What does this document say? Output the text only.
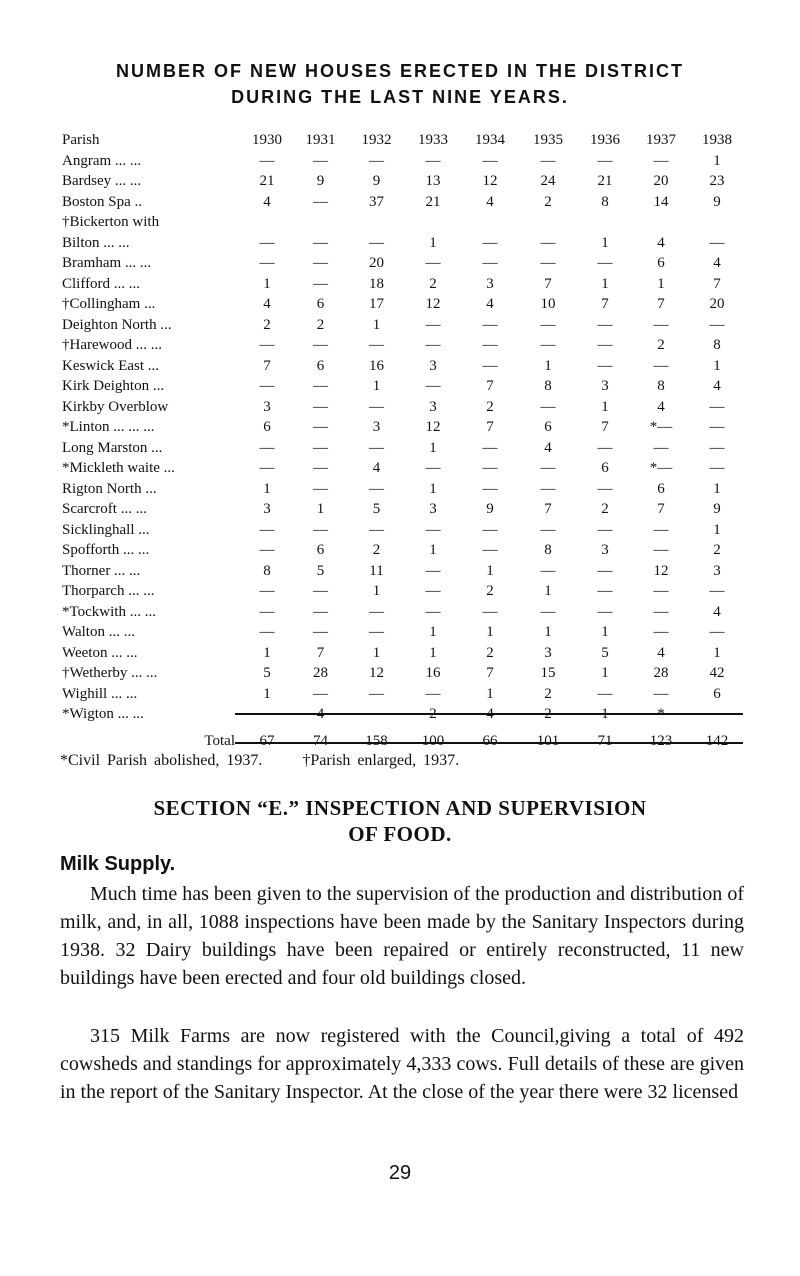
NUMBER OF NEW HOUSES ERECTED IN THE DISTRICT
DURING THE LAST NINE YEARS.
Parish	1930	1931	1932	1933	1934	1935	1936	1937	1938
Angram ... ...	—	—	—	—	—	—	—	—	1
Bardsey ... ...	21	9	9	13	12	24	21	20	23
Boston Spa ..	4	—	37	21	4	2	8	14	9
†Bickerton with									
Bilton ... ...	—	—	—	1	—	—	1	4	—
Bramham ... ...	—	—	20	—	—	—	—	6	4
Clifford ... ...	1	—	18	2	3	7	1	1	7
†Collingham ...	4	6	17	12	4	10	7	7	20
Deighton North ...	2	2	1	—	—	—	—	—	—
†Harewood ... ...	—	—	—	—	—	—	—	2	8
Keswick East ...	7	6	16	3	—	1	—	—	1
Kirk Deighton ...	—	—	1	—	7	8	3	8	4
Kirkby Overblow	3	—	—	3	2	—	1	4	—
*Linton ... ... ...	6	—	3	12	7	6	7	*—	—
Long Marston ...	—	—	—	1	—	4	—	—	—
*Mickleth waite ...	—	—	4	—	—	—	6	*—	—
Rigton North ...	1	—	—	1	—	—	—	6	1
Scarcroft ... ...	3	1	5	3	9	7	2	7	9
Sicklinghall ...	—	—	—	—	—	—	—	—	1
Spofforth ... ...	—	6	2	1	—	8	3	—	2
Thorner ... ...	8	5	11	—	1	—	—	12	3
Thorparch ... ...	—	—	1	—	2	1	—	—	—
*Tockwith ... ...	—	—	—	—	—	—	—	—	4
Walton ... ...	—	—	—	1	1	1	1	—	—
Weeton ... ...	1	7	1	1	2	3	5	4	1
†Wetherby ... ...	5	28	12	16	7	15	1	28	42
Wighill ... ...	1	—	—	—	1	2	—	—	6
*Wigton ... ...	—	4	—	2	4	2	1	*	—
Total	67	74	158	100	66	101	71	123	142
*Civil Parish abolished, 1937.	†Parish enlarged, 1937.
SECTION “E.” INSPECTION AND SUPERVISION
OF FOOD.
Milk Supply.
Much time has been given to the supervision of the production and distribution of milk, and, in all, 1088 inspections have been made by the Sanitary Inspectors during 1938. 32 Dairy buildings have been repaired or entirely reconstructed, 11 new buildings have been erected and four old buildings closed.
315 Milk Farms are now registered with the Council,giving a total of 492 cowsheds and standings for approximately 4,333 cows. Full details of these are given in the report of the Sanitary Inspector. At the close of the year there were 32 licensed
29
